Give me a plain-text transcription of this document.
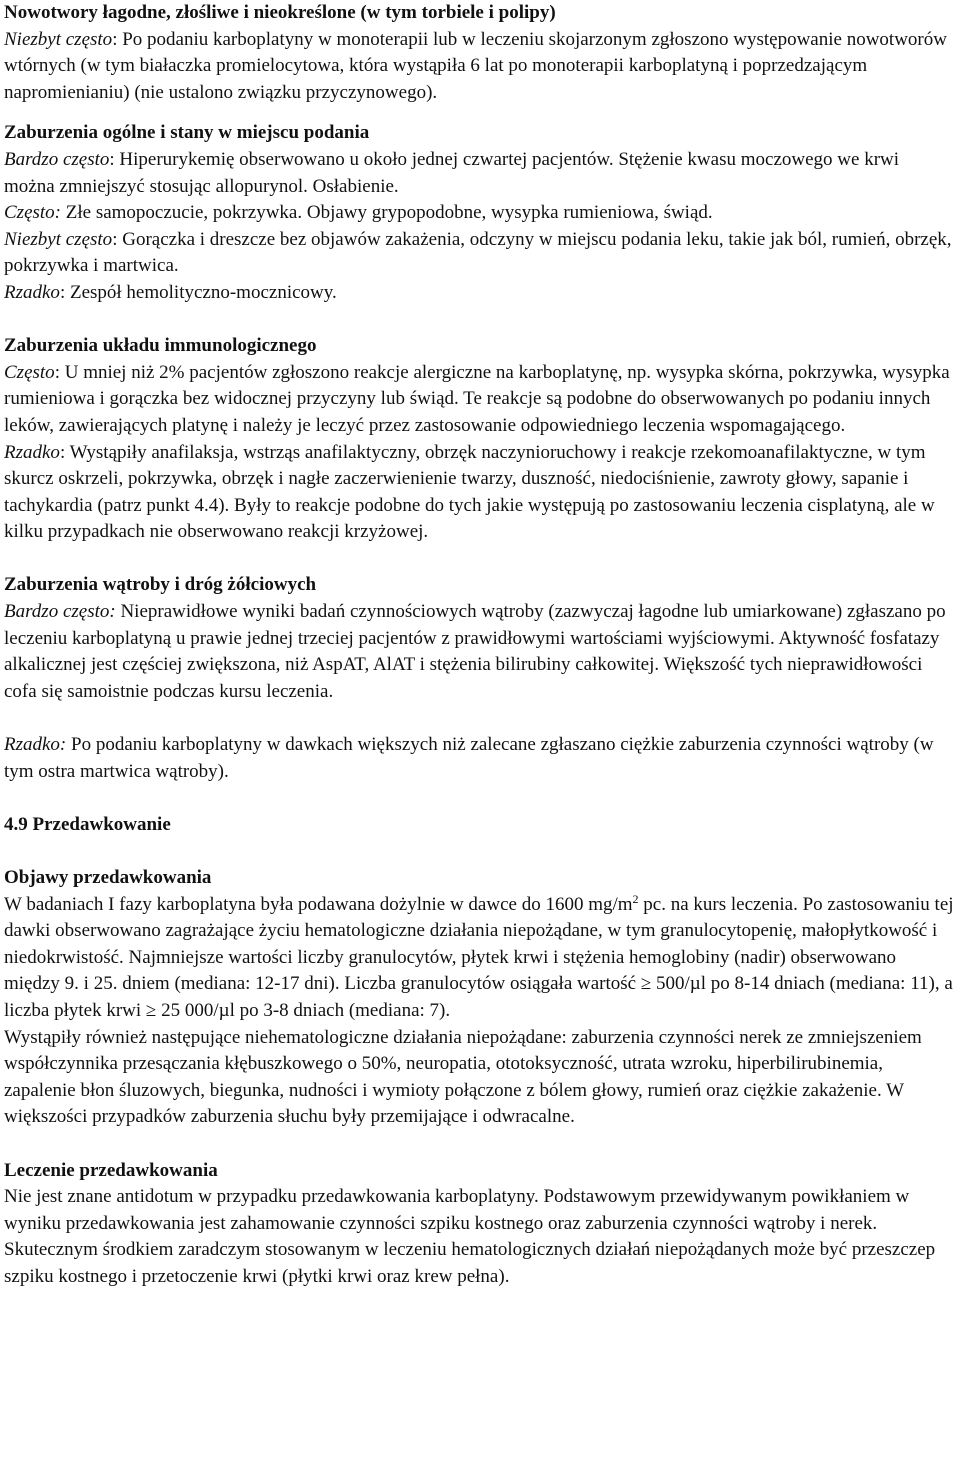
Nowotwory łagodne, złośliwe i nieokreślone (w tym torbiele i polipy)

Niezbyt często: Po podaniu karboplatyny w monoterapii lub w leczeniu skojarzonym zgłoszono występowanie nowotworów wtórnych (w tym białaczka promielocytowa, która wystąpiła 6 lat po monoterapii karboplatyną i poprzedzającym napromienianiu) (nie ustalono związku przyczynowego).

Zaburzenia ogólne i stany w miejscu podania

Bardzo często: Hiperurykemię obserwowano u około jednej czwartej pacjentów. Stężenie kwasu moczowego we krwi można zmniejszyć stosując allopurynol. Osłabienie.

Często: Złe samopoczucie, pokrzywka. Objawy grypopodobne, wysypka rumieniowa, świąd.

Niezbyt często: Gorączka i dreszcze bez objawów zakażenia, odczyny w miejscu podania leku, takie jak ból, rumień, obrzęk, pokrzywka i martwica.

Rzadko: Zespół hemolityczno-mocznicowy.

Zaburzenia układu immunologicznego

Często: U mniej niż 2% pacjentów zgłoszono reakcje alergiczne na karboplatynę, np. wysypka skórna, pokrzywka, wysypka rumieniowa i gorączka bez widocznej przyczyny lub świąd. Te reakcje są podobne do obserwowanych po podaniu innych leków, zawierających platynę i należy je leczyć przez zastosowanie odpowiedniego leczenia wspomagającego.

Rzadko: Wystąpiły anafilaksja, wstrząs anafilaktyczny, obrzęk naczynioruchowy i reakcje rzekomoanafilaktyczne, w tym skurcz oskrzeli, pokrzywka, obrzęk i nagłe zaczerwienienie twarzy, duszność, niedociśnienie, zawroty głowy, sapanie i tachykardia (patrz punkt 4.4). Były to reakcje podobne do tych jakie występują po zastosowaniu leczenia cisplatyną, ale w kilku przypadkach nie obserwowano reakcji krzyżowej.

Zaburzenia wątroby i dróg żółciowych

Bardzo często: Nieprawidłowe wyniki badań czynnościowych wątroby (zazwyczaj łagodne lub umiarkowane) zgłaszano po leczeniu karboplatyną u prawie jednej trzeciej pacjentów z prawidłowymi wartościami wyjściowymi. Aktywność fosfatazy alkalicznej jest częściej zwiększona, niż AspAT, AlAT i stężenia bilirubiny całkowitej. Większość tych nieprawidłowości cofa się samoistnie podczas kursu leczenia.

Rzadko: Po podaniu karboplatyny w dawkach większych niż zalecane zgłaszano ciężkie zaburzenia czynności wątroby (w tym ostra martwica wątroby).

4.9 Przedawkowanie

Objawy przedawkowania

W badaniach I fazy karboplatyna była podawana dożylnie w dawce do 1600 $mg/m^2$ pc. na kurs leczenia. Po zastosowaniu tej dawki obserwowano zagrażające życiu hematologiczne działania niepożądane, w tym granulocytopenię, małopłytkowość i niedokrwistość. Najmniejsze wartości liczby granulocytów, płytek krwi i stężenia hemoglobiny (nadir) obserwowano między 9. i 25. dniem (mediana: 12-17 dni). Liczba granulocytów osiągała wartość ≥ 500/µl po 8-14 dniach (mediana: 11), a liczba płytek krwi ≥ 25 000/µl po 3-8 dniach (mediana: 7).

Wystąpiły również następujące niehematologiczne działania niepożądane: zaburzenia czynności nerek ze zmniejszeniem współczynnika przesączania kłębuszkowego o 50%, neuropatia, ototoksyczność, utrata wzroku, hiperbilirubinemia, zapalenie błon śluzowych, biegunka, nudności i wymioty połączone z bólem głowy, rumień oraz ciężkie zakażenie. W większości przypadków zaburzenia słuchu były przemijające i odwracalne.

Leczenie przedawkowania

Nie jest znane antidotum w przypadku przedawkowania karboplatyny. Podstawowym przewidywanym powikłaniem w wyniku przedawkowania jest zahamowanie czynności szpiku kostnego oraz zaburzenia czynności wątroby i nerek. Skutecznym środkiem zaradczym stosowanym w leczeniu hematologicznych działań niepożądanych może być przeszczep szpiku kostnego i przetoczenie krwi (płytki krwi oraz krew pełna).
